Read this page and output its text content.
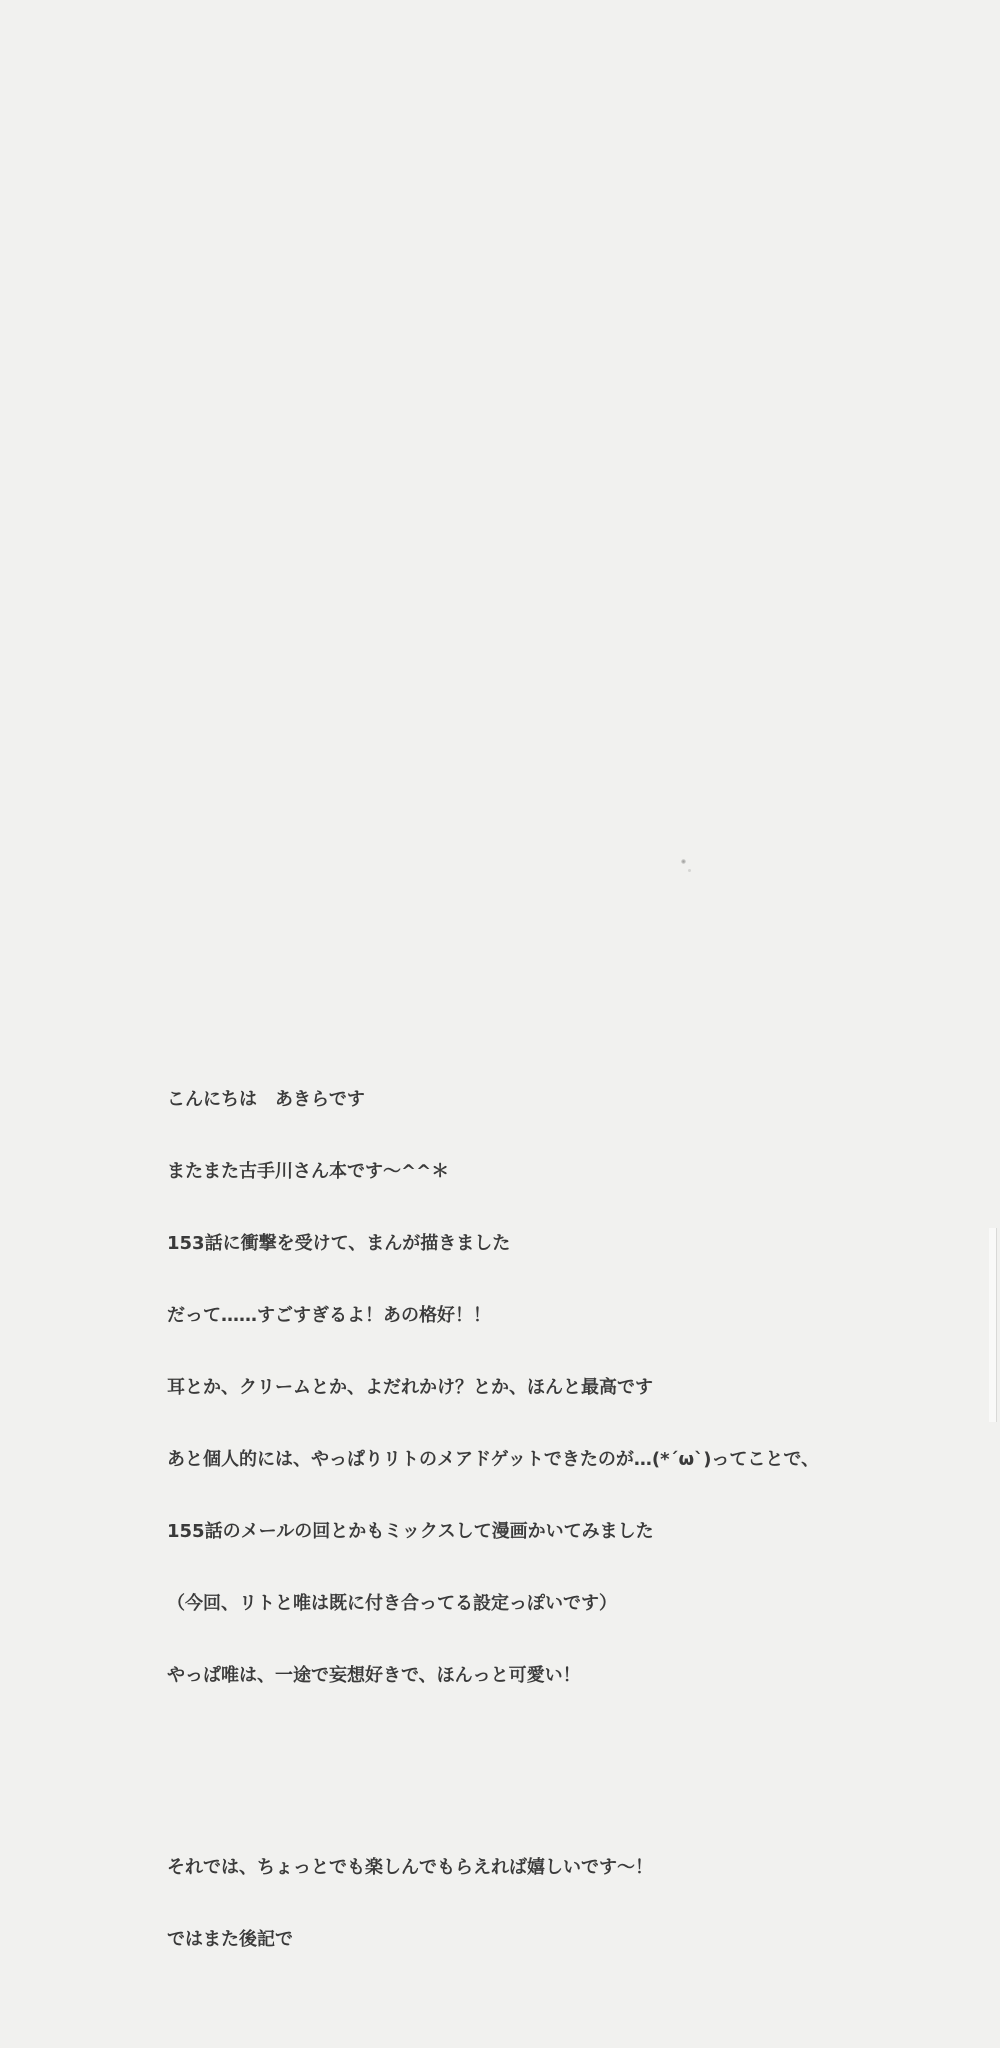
こんにちは　あきらです

またまた古手川さん本です～^^＊

153話に衝撃を受けて、まんが描きました

だって……すごすぎるよ！あの格好！！

耳とか、クリームとか、よだれかけ？とか、ほんと最高です

あと個人的には、やっぱりリトのメアドゲットできたのが…(*´ω`)ってことで、

155話のメールの回とかもミックスして漫画かいてみました

（今回、リトと唯は既に付き合ってる設定っぽいです）

やっぱ唯は、一途で妄想好きで、ほんっと可愛い！

それでは、ちょっとでも楽しんでもらえれば嬉しいです～！

ではまた後記で
